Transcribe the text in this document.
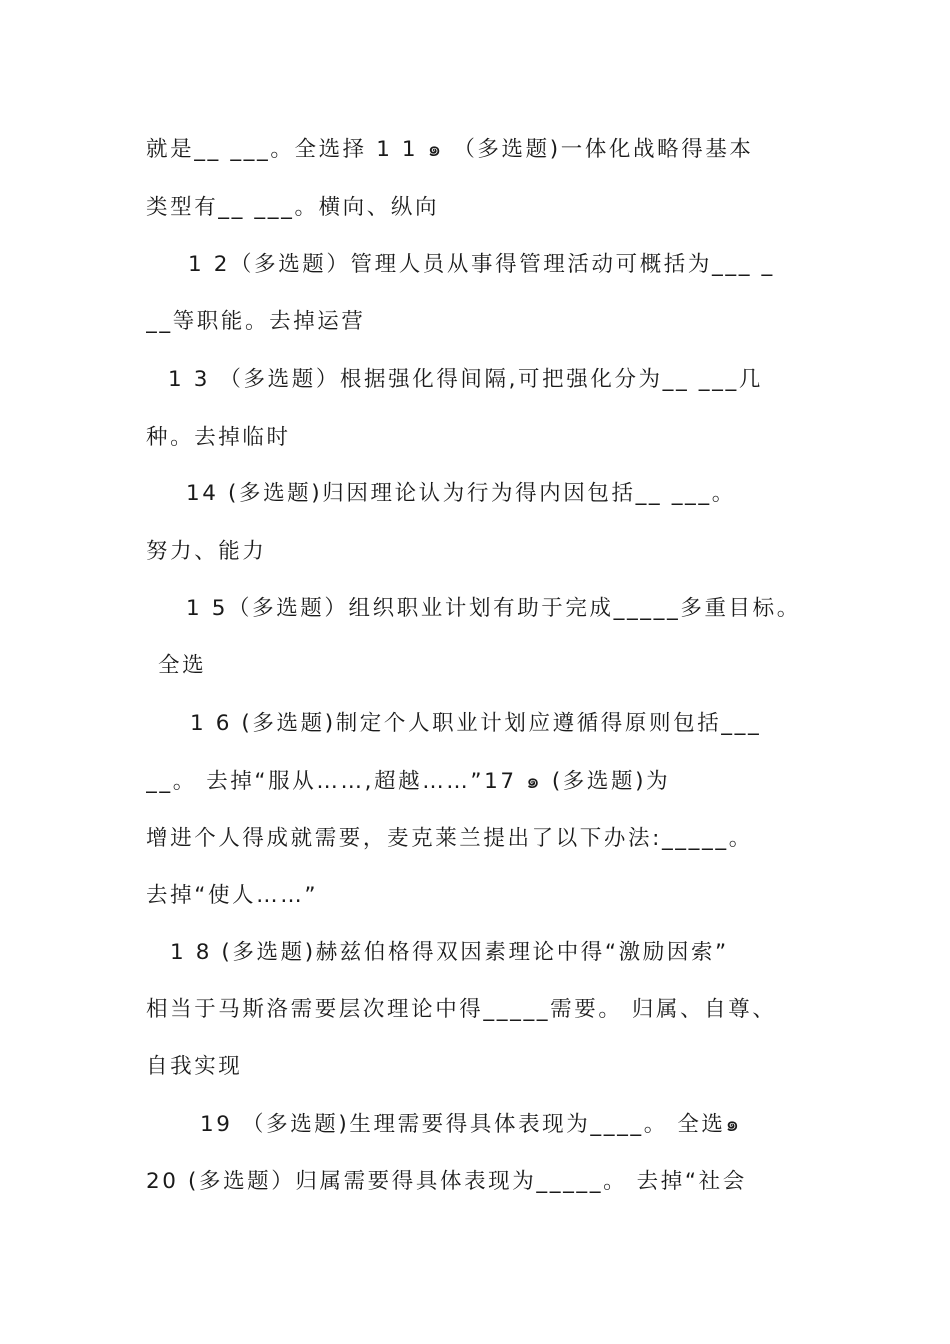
就是__ ___。全选择 1 1 ๑ （多选题)一体化战略得基本
类型有__ ___。横向、纵向
1 2（多选题）管理人员从事得管理活动可概括为___ _
__等职能。去掉运营
1 3 （多选题）根据强化得间隔,可把强化分为__ ___几
种。去掉临时
14 (多选题)归因理论认为行为得内因包括__ ___。
努力、能力
1 5（多选题）组织职业计划有助于完成_____多重目标。
全选
1 6 (多选题)制定个人职业计划应遵循得原则包括___
__。 去掉“服从……,超越……”17 ๑ (多选题)为
增进个人得成就需要，麦克莱兰提出了以下办法:_____。
去掉“使人……”
1 8 (多选题)赫兹伯格得双因素理论中得“激励因索”
相当于马斯洛需要层次理论中得_____需要。 归属、自尊、
自我实现
19 （多选题)生理需要得具体表现为____。 全选๑
20 (多选题）归属需要得具体表现为_____。 去掉“社会
